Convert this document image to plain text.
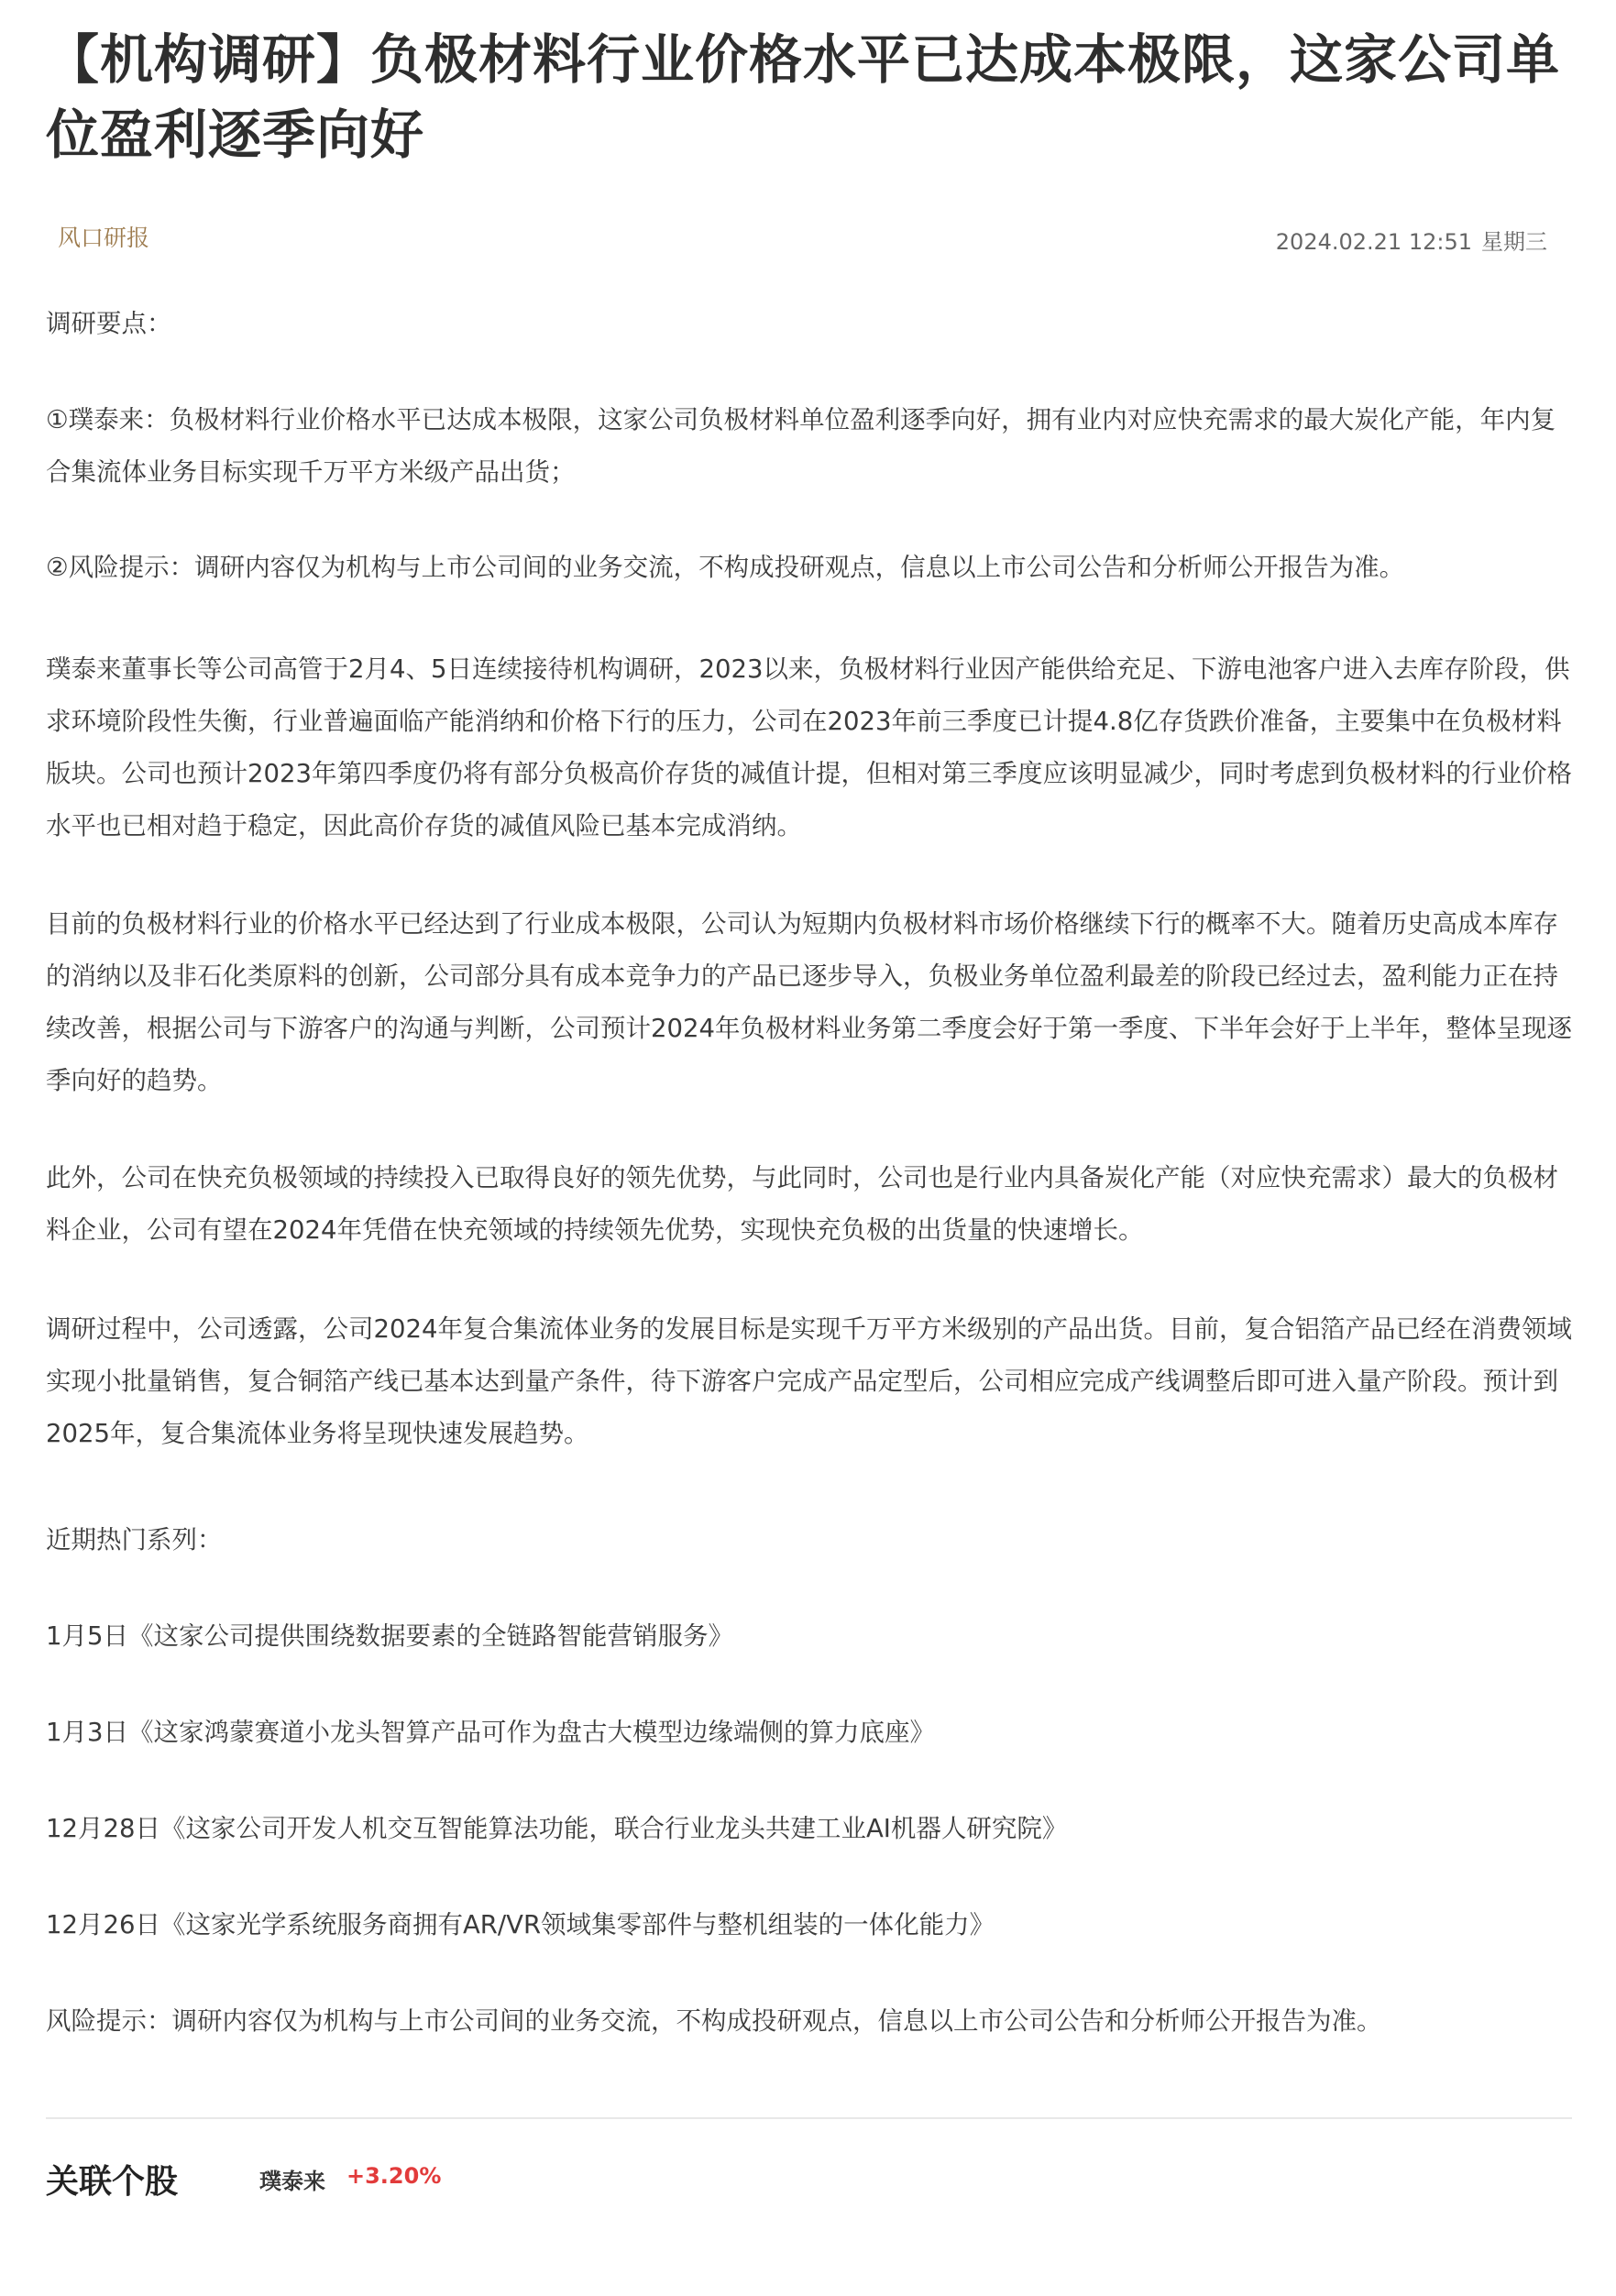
【机构调研】负极材料行业价格水平已达成本极限，这家公司单位盈利逐季向好
风口研报	2024.02.21 12:51 星期三

调研要点：

①璞泰来：负极材料行业价格水平已达成本极限，这家公司负极材料单位盈利逐季向好，拥有业内对应快充需求的最大炭化产能，年内复合集流体业务目标实现千万平方米级产品出货；

②风险提示：调研内容仅为机构与上市公司间的业务交流，不构成投研观点，信息以上市公司公告和分析师公开报告为准。

璞泰来董事长等公司高管于2月4、5日连续接待机构调研，2023以来，负极材料行业因产能供给充足、下游电池客户进入去库存阶段，供求环境阶段性失衡，行业普遍面临产能消纳和价格下行的压力，公司在2023年前三季度已计提4.8亿存货跌价准备，主要集中在负极材料版块。公司也预计2023年第四季度仍将有部分负极高价存货的减值计提，但相对第三季度应该明显减少，同时考虑到负极材料的行业价格水平也已相对趋于稳定，因此高价存货的减值风险已基本完成消纳。

目前的负极材料行业的价格水平已经达到了行业成本极限，公司认为短期内负极材料市场价格继续下行的概率不大。随着历史高成本库存的消纳以及非石化类原料的创新，公司部分具有成本竞争力的产品已逐步导入，负极业务单位盈利最差的阶段已经过去，盈利能力正在持续改善，根据公司与下游客户的沟通与判断，公司预计2024年负极材料业务第二季度会好于第一季度、下半年会好于上半年，整体呈现逐季向好的趋势。

此外，公司在快充负极领域的持续投入已取得良好的领先优势，与此同时，公司也是行业内具备炭化产能（对应快充需求）最大的负极材料企业，公司有望在2024年凭借在快充领域的持续领先优势，实现快充负极的出货量的快速增长。

调研过程中，公司透露，公司2024年复合集流体业务的发展目标是实现千万平方米级别的产品出货。目前，复合铝箔产品已经在消费领域实现小批量销售，复合铜箔产线已基本达到量产条件，待下游客户完成产品定型后，公司相应完成产线调整后即可进入量产阶段。预计到2025年，复合集流体业务将呈现快速发展趋势。

近期热门系列：

1月5日《这家公司提供围绕数据要素的全链路智能营销服务》

1月3日《这家鸿蒙赛道小龙头智算产品可作为盘古大模型边缘端侧的算力底座》

12月28日《这家公司开发人机交互智能算法功能，联合行业龙头共建工业AI机器人研究院》

12月26日《这家光学系统服务商拥有AR/VR领域集零部件与整机组装的一体化能力》

风险提示：调研内容仅为机构与上市公司间的业务交流，不构成投研观点，信息以上市公司公告和分析师公开报告为准。

关联个股	璞泰来 +3.20%
